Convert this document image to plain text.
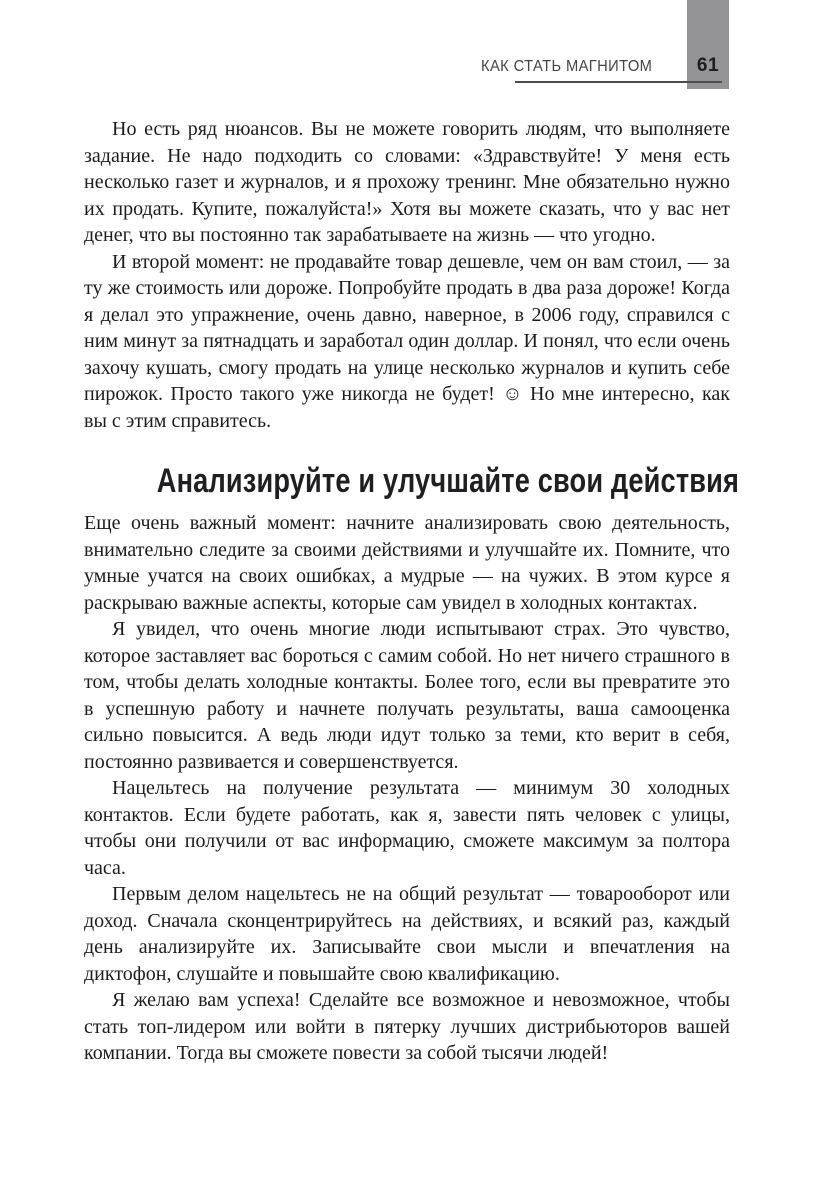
61
КАК СТАТЬ МАГНИТОМ

Но есть ряд нюансов. Вы не можете говорить людям, что выполняете задание. Не надо подходить со словами: «Здравствуйте! У меня есть несколько газет и журналов, и я прохожу тренинг. Мне обязательно нужно их продать. Купите, пожалуйста!» Хотя вы можете сказать, что у вас нет денег, что вы постоянно так зарабатываете на жизнь — что угодно.

И второй момент: не продавайте товар дешевле, чем он вам стоил, — за ту же стоимость или дороже. Попробуйте продать в два раза дороже! Когда я делал это упражнение, очень давно, наверное, в 2006 году, справился с ним минут за пятнадцать и заработал один доллар. И понял, что если очень захочу кушать, смогу продать на улице несколько журналов и купить себе пирожок. Просто такого уже никогда не будет! ☺ Но мне интересно, как вы с этим справитесь.

Анализируйте и улучшайте свои действия

Еще очень важный момент: начните анализировать свою деятельность, внимательно следите за своими действиями и улучшайте их. Помните, что умные учатся на своих ошибках, а мудрые — на чужих. В этом курсе я раскрываю важные аспекты, которые сам увидел в холодных контактах.

Я увидел, что очень многие люди испытывают страх. Это чувство, которое заставляет вас бороться с самим собой. Но нет ничего страшного в том, чтобы делать холодные контакты. Более того, если вы превратите это в успешную работу и начнете получать результаты, ваша самооценка сильно повысится. А ведь люди идут только за теми, кто верит в себя, постоянно развивается и совершенствуется.

Нацельтесь на получение результата — минимум 30 холодных контактов. Если будете работать, как я, завести пять человек с улицы, чтобы они получили от вас информацию, сможете максимум за полтора часа.

Первым делом нацельтесь не на общий результат — товарооборот или доход. Сначала сконцентрируйтесь на действиях, и всякий раз, каждый день анализируйте их. Записывайте свои мысли и впечатления на диктофон, слушайте и повышайте свою квалификацию.

Я желаю вам успеха! Сделайте все возможное и невозможное, чтобы стать топ-лидером или войти в пятерку лучших дистрибьюторов вашей компании. Тогда вы сможете повести за собой тысячи людей!
